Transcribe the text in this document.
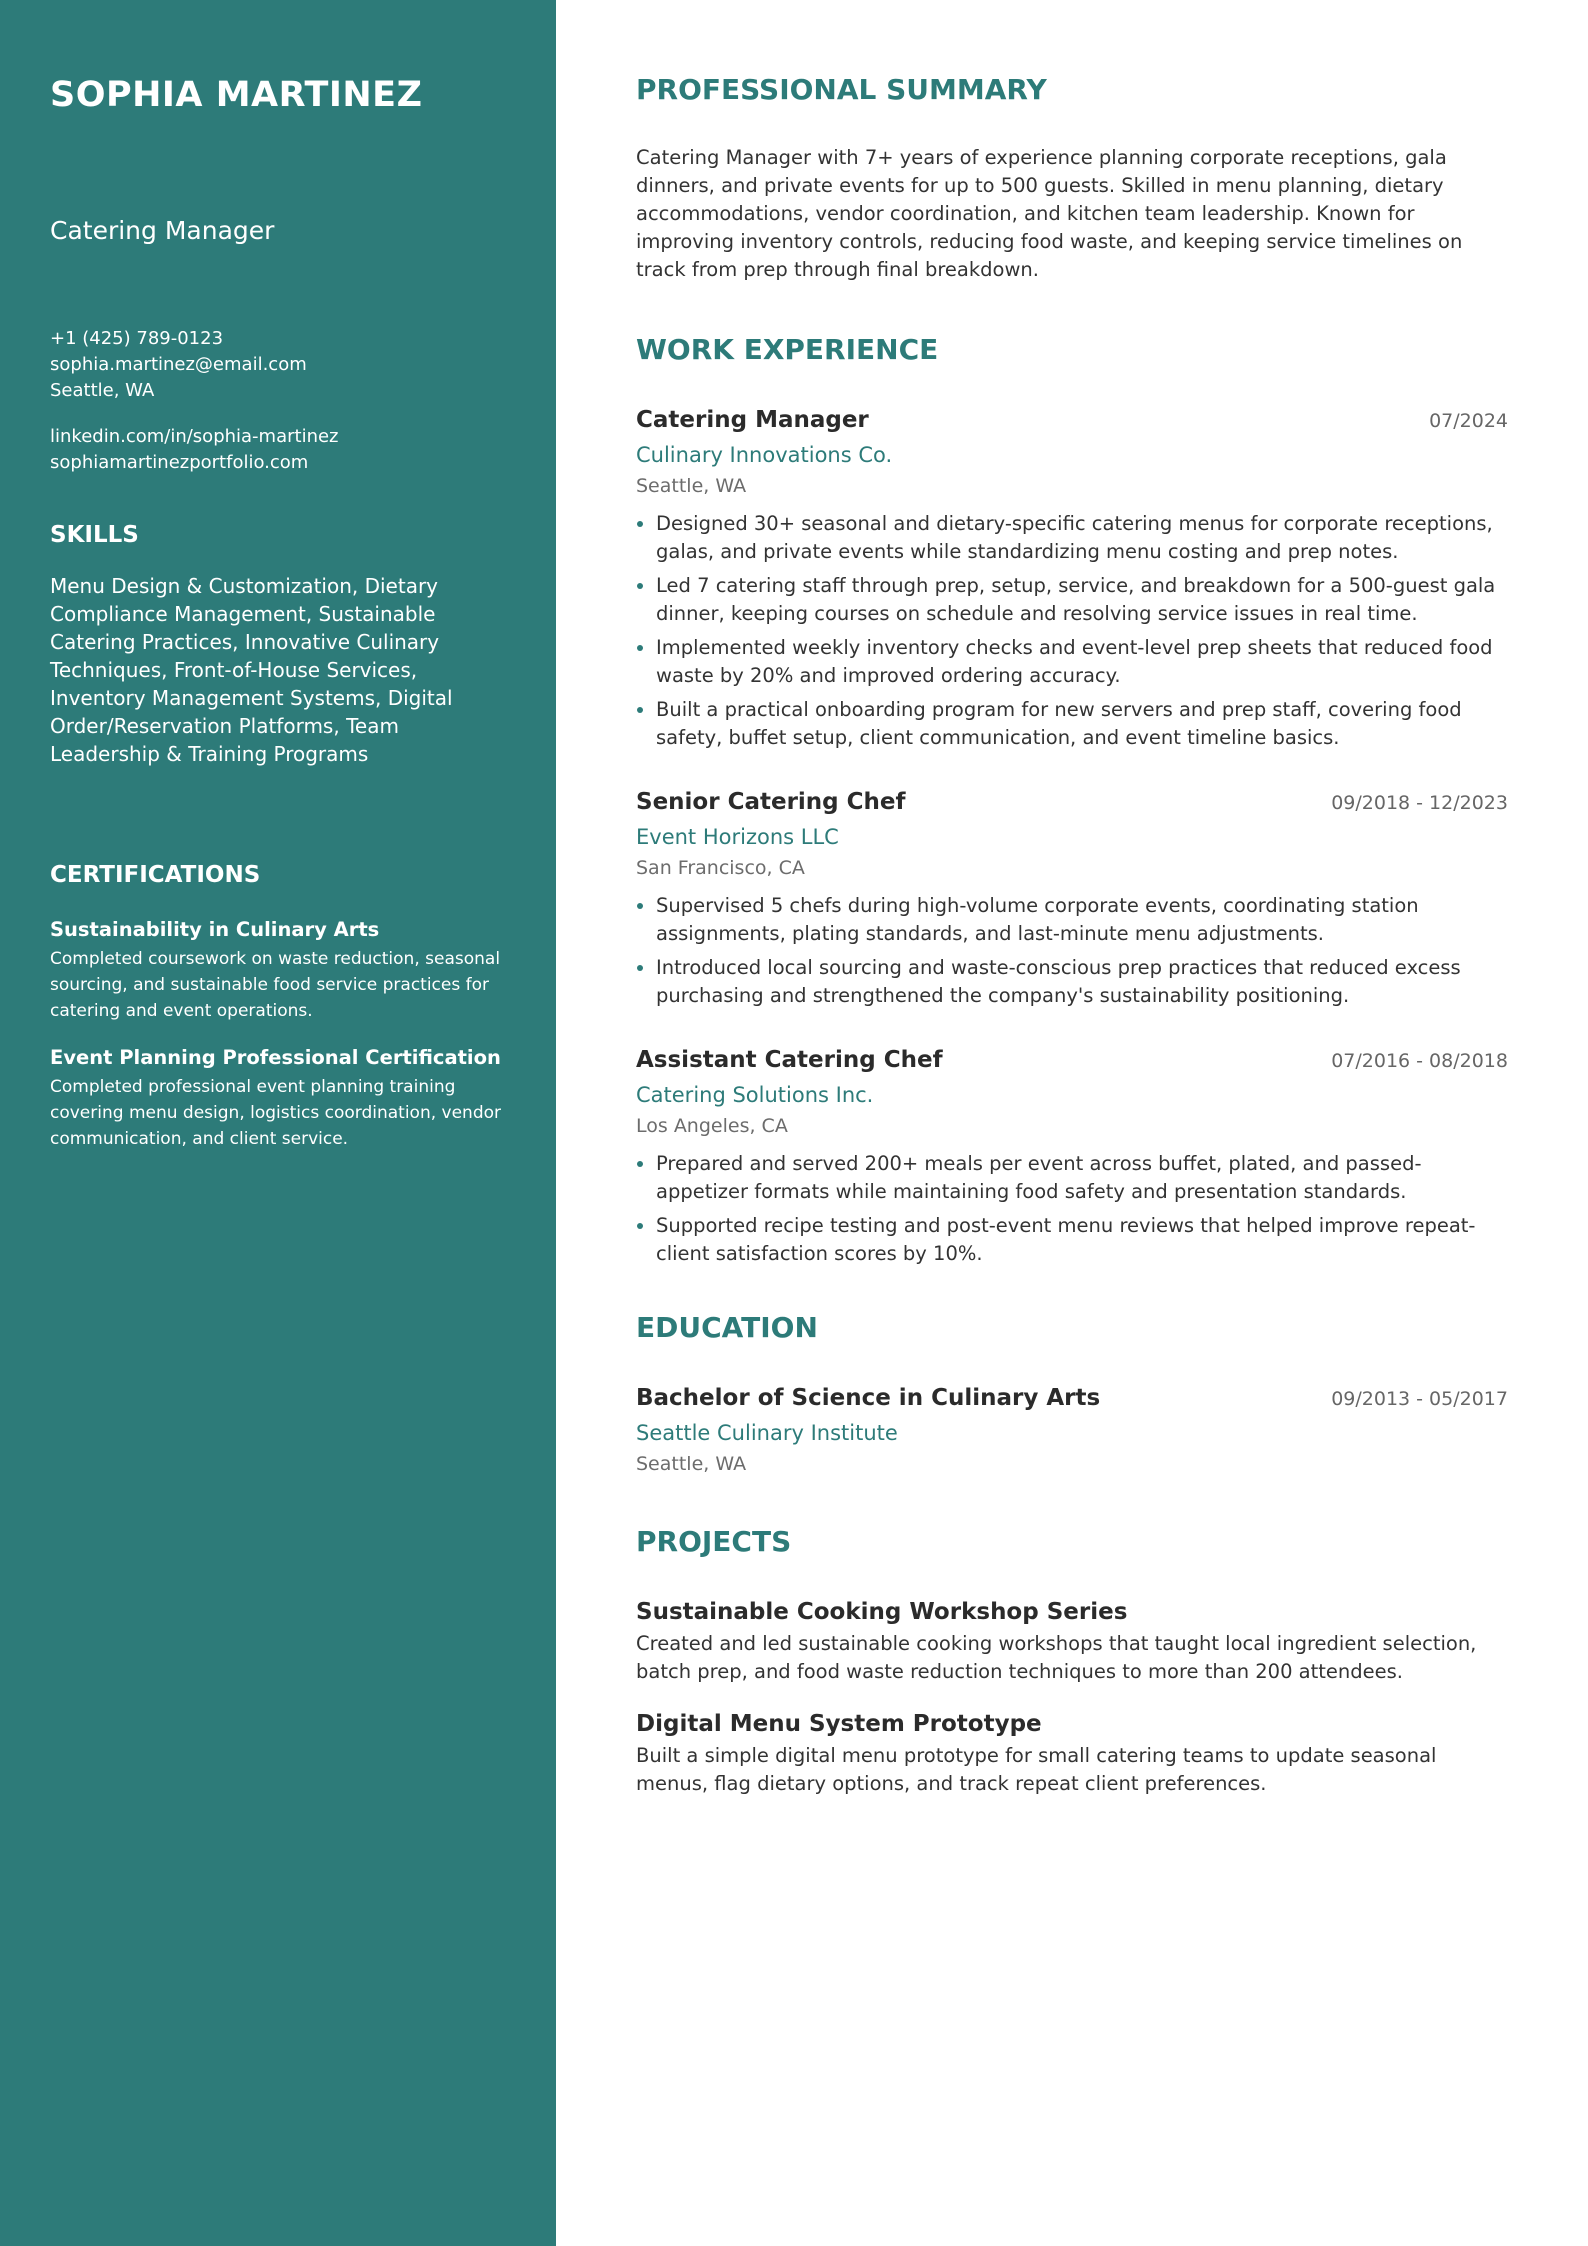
SOPHIA MARTINEZ
Catering Manager
+1 (425) 789-0123
sophia.martinez@email.com
Seattle, WA
linkedin.com/in/sophia-martinez
sophiamartinezportfolio.com
SKILLS
Menu Design & Customization, Dietary Compliance Management, Sustainable Catering Practices, Innovative Culinary Techniques, Front-of-House Services, Inventory Management Systems, Digital Order/Reservation Platforms, Team Leadership & Training Programs
CERTIFICATIONS
Sustainability in Culinary Arts
Completed coursework on waste reduction, seasonal sourcing, and sustainable food service practices for catering and event operations.
Event Planning Professional Certification
Completed professional event planning training covering menu design, logistics coordination, vendor communication, and client service.
PROFESSIONAL SUMMARY
Catering Manager with 7+ years of experience planning corporate receptions, gala dinners, and private events for up to 500 guests. Skilled in menu planning, dietary accommodations, vendor coordination, and kitchen team leadership. Known for improving inventory controls, reducing food waste, and keeping service timelines on track from prep through final breakdown.
WORK EXPERIENCE
Catering Manager	07/2024
Culinary Innovations Co.
Seattle, WA
Designed 30+ seasonal and dietary-specific catering menus for corporate receptions, galas, and private events while standardizing menu costing and prep notes.
Led 7 catering staff through prep, setup, service, and breakdown for a 500-guest gala dinner, keeping courses on schedule and resolving service issues in real time.
Implemented weekly inventory checks and event-level prep sheets that reduced food waste by 20% and improved ordering accuracy.
Built a practical onboarding program for new servers and prep staff, covering food safety, buffet setup, client communication, and event timeline basics.
Senior Catering Chef	09/2018 - 12/2023
Event Horizons LLC
San Francisco, CA
Supervised 5 chefs during high-volume corporate events, coordinating station assignments, plating standards, and last-minute menu adjustments.
Introduced local sourcing and waste-conscious prep practices that reduced excess purchasing and strengthened the company's sustainability positioning.
Assistant Catering Chef	07/2016 - 08/2018
Catering Solutions Inc.
Los Angeles, CA
Prepared and served 200+ meals per event across buffet, plated, and passed-appetizer formats while maintaining food safety and presentation standards.
Supported recipe testing and post-event menu reviews that helped improve repeat-client satisfaction scores by 10%.
EDUCATION
Bachelor of Science in Culinary Arts	09/2013 - 05/2017
Seattle Culinary Institute
Seattle, WA
PROJECTS
Sustainable Cooking Workshop Series
Created and led sustainable cooking workshops that taught local ingredient selection, batch prep, and food waste reduction techniques to more than 200 attendees.
Digital Menu System Prototype
Built a simple digital menu prototype for small catering teams to update seasonal menus, flag dietary options, and track repeat client preferences.
